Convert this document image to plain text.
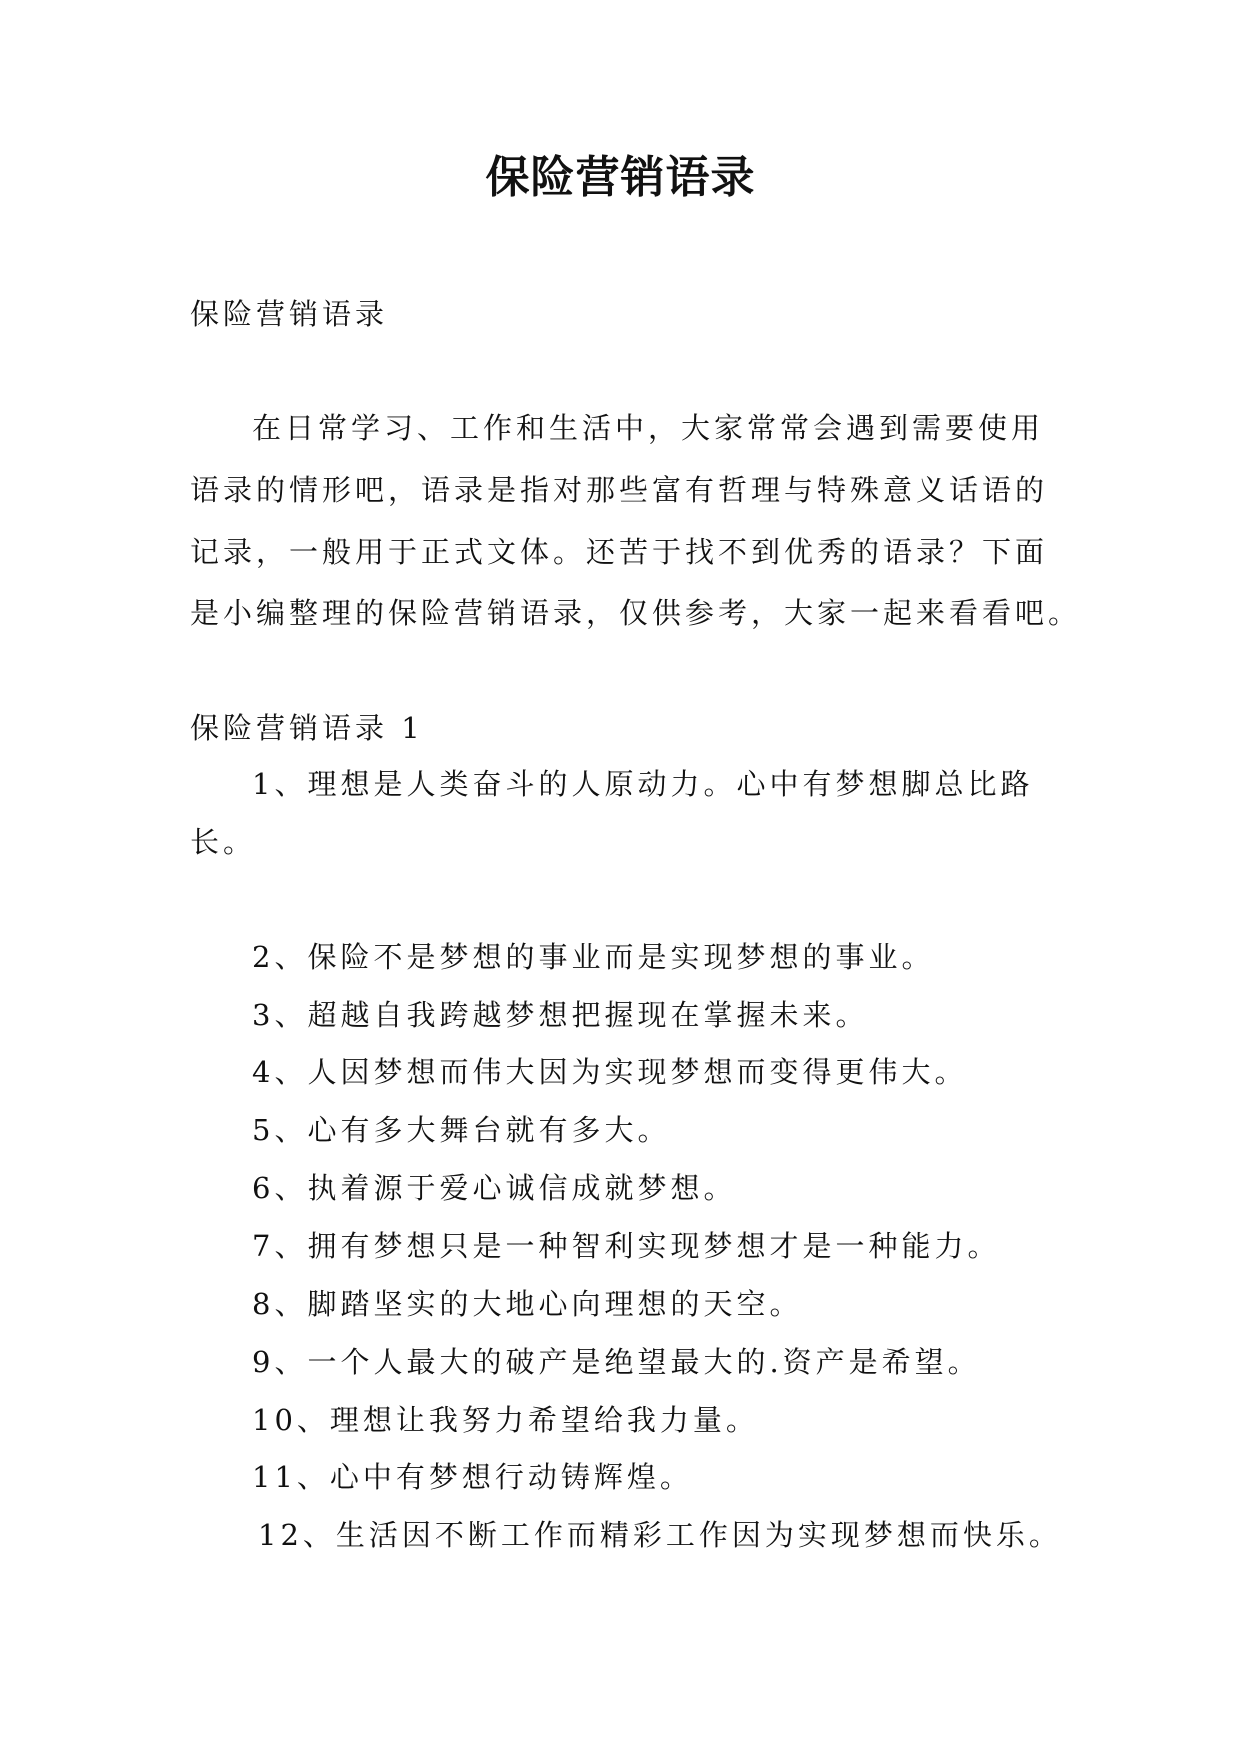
保险营销语录
保险营销语录
在日常学习、工作和生活中，大家常常会遇到需要使用
语录的情形吧，语录是指对那些富有哲理与特殊意义话语的
记录，一般用于正式文体。还苦于找不到优秀的语录？下面
是小编整理的保险营销语录，仅供参考，大家一起来看看吧。
保险营销语录 1
1、理想是人类奋斗的人原动力。心中有梦想脚总比路
长。
2、保险不是梦想的事业而是实现梦想的事业。
3、超越自我跨越梦想把握现在掌握未来。
4、人因梦想而伟大因为实现梦想而变得更伟大。
5、心有多大舞台就有多大。
6、执着源于爱心诚信成就梦想。
7、拥有梦想只是一种智利实现梦想才是一种能力。
8、脚踏坚实的大地心向理想的天空。
9、一个人最大的破产是绝望最大的.资产是希望。
10、理想让我努力希望给我力量。
11、心中有梦想行动铸辉煌。
12、生活因不断工作而精彩工作因为实现梦想而快乐。
